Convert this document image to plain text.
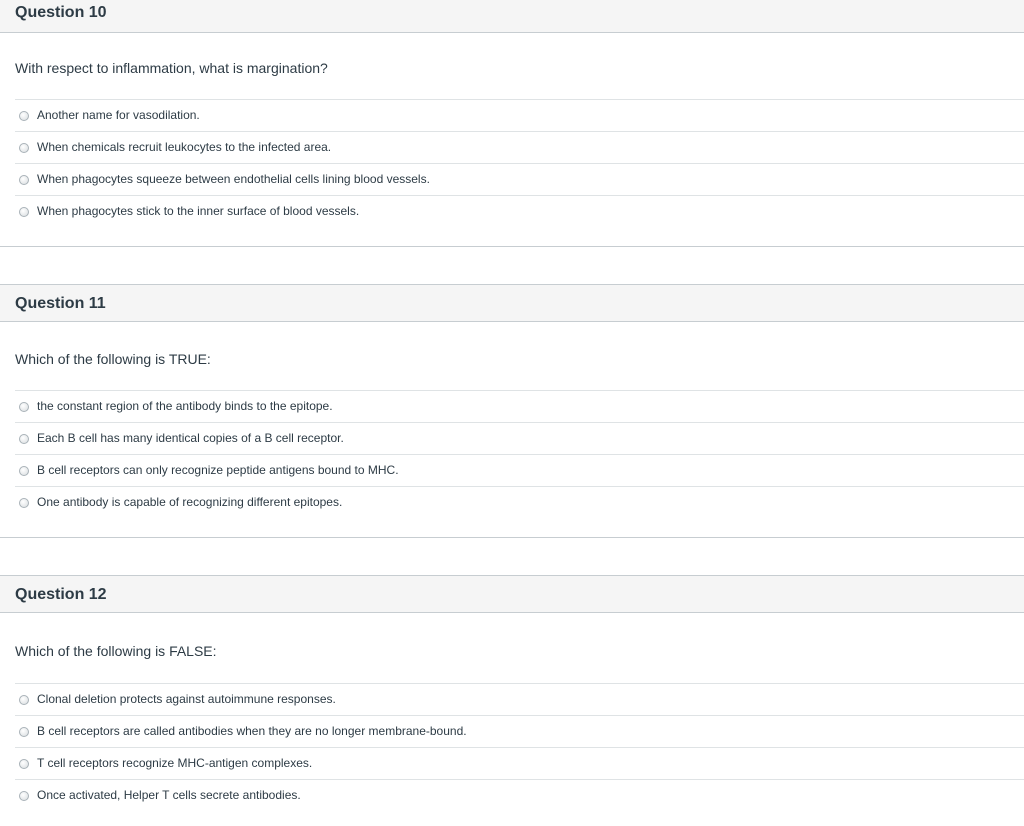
Question 10
With respect to inflammation, what is margination?
Another name for vasodilation.
When chemicals recruit leukocytes to the infected area.
When phagocytes squeeze between endothelial cells lining blood vessels.
When phagocytes stick to the inner surface of blood vessels.
Question 11
Which of the following is TRUE:
the constant region of the antibody binds to the epitope.
Each B cell has many identical copies of a B cell receptor.
B cell receptors can only recognize peptide antigens bound to MHC.
One antibody is capable of recognizing different epitopes.
Question 12
Which of the following is FALSE:
Clonal deletion protects against autoimmune responses.
B cell receptors are called antibodies when they are no longer membrane-bound.
T cell receptors recognize MHC-antigen complexes.
Once activated, Helper T cells secrete antibodies.
